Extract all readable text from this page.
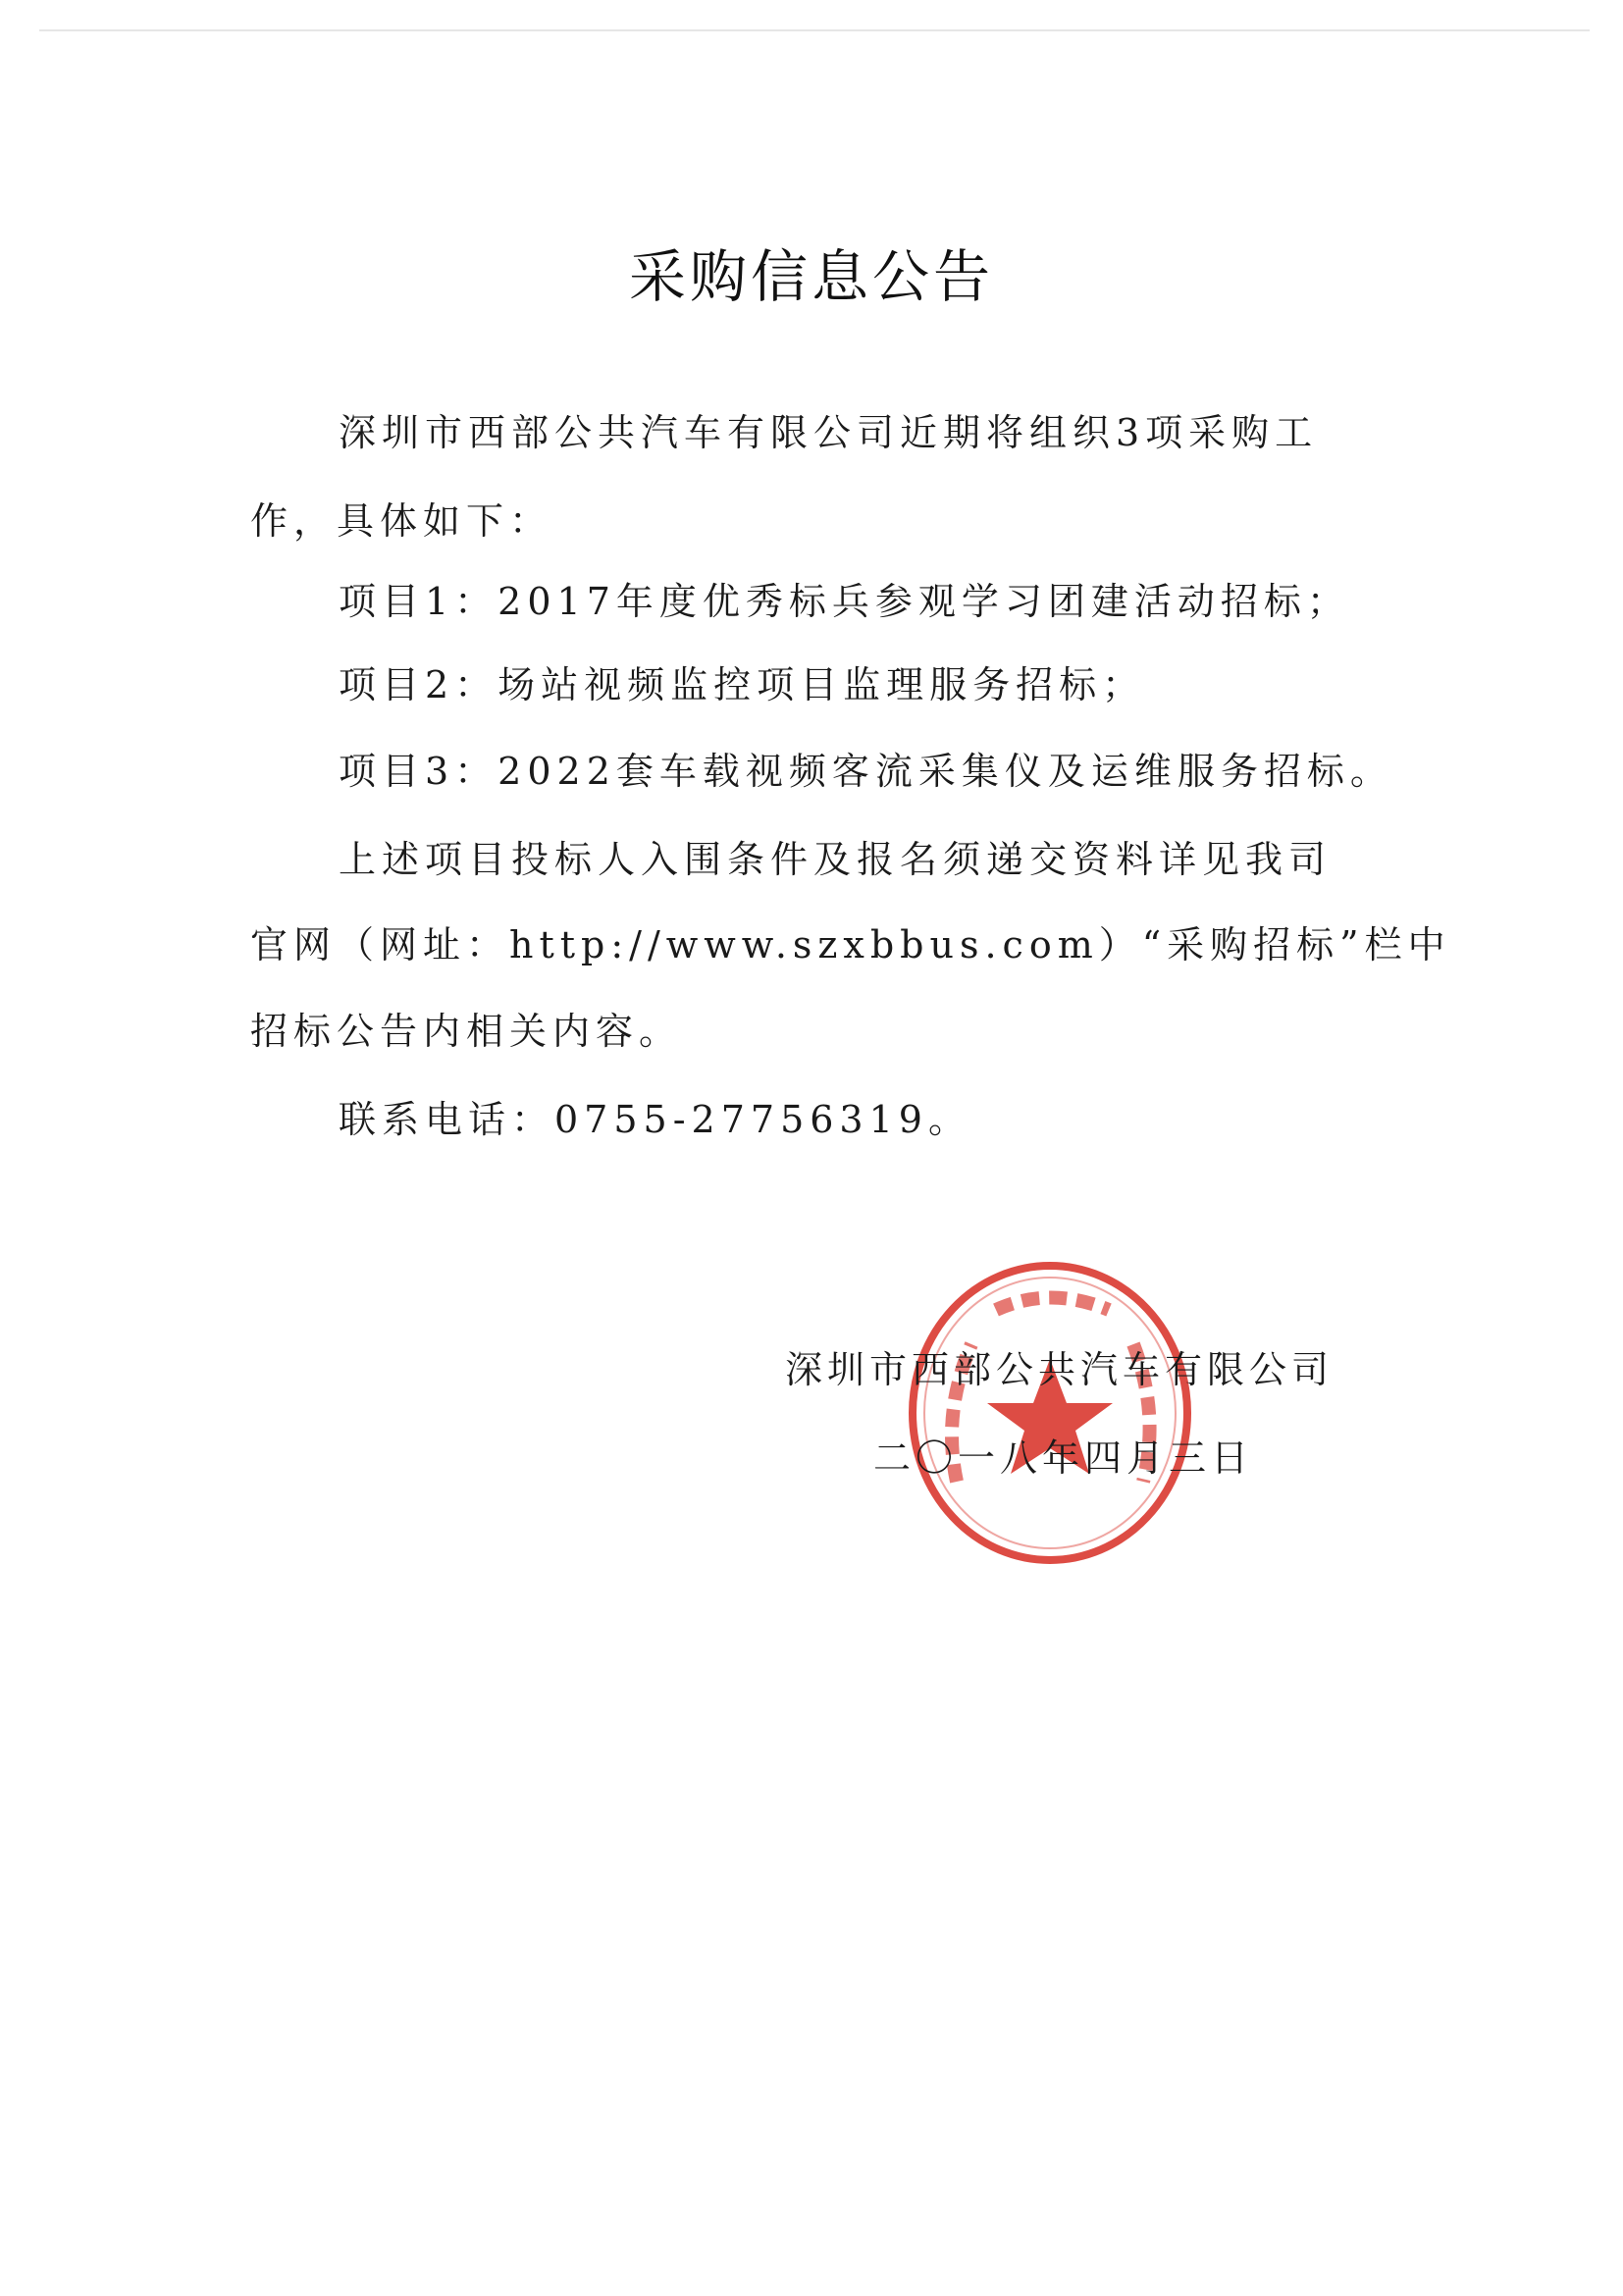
采购信息公告
深圳市西部公共汽车有限公司近期将组织3项采购工
作，具体如下：
项目1：2017年度优秀标兵参观学习团建活动招标；
项目2：场站视频监控项目监理服务招标；
项目3：2022套车载视频客流采集仪及运维服务招标。
上述项目投标人入围条件及报名须递交资料详见我司
官网（网址：http://www.szxbbus.com）“采购招标”栏中
招标公告内相关内容。
联系电话：0755-27756319。
深圳市西部公共汽车有限公司
二〇一八年四月三日
